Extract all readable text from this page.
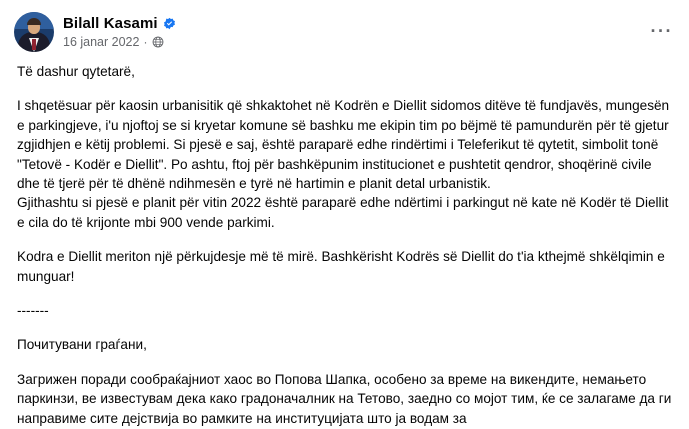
Bilall Kasami
16 janar 2022 ·
···

Të dashur qytetarë,

I shqetësuar për kaosin urbanisitik që shkaktohet në Kodrën e Diellit sidomos ditëve të fundjavës, mungesën e parkingjeve, i'u njoftoj se si kryetar komune së bashku me ekipin tim po bëjmë të pamundurën për të gjetur zgjidhjen e këtij problemi. Si pjesë e saj, është paraparë edhe rindërtimi i Teleferikut të qytetit, simbolit tonë "Tetovë - Kodër e Diellit". Po ashtu, ftoj për bashkëpunim institucionet e pushtetit qendror, shoqërinë civile dhe të tjerë për të dhënë ndihmesën e tyrë në hartimin e planit detal urbanistik.

Gjithashtu si pjesë e planit për vitin 2022 është paraparë edhe ndërtimi i parkingut në kate në Kodër të Diellit e cila do të krijonte mbi 900 vende parkimi.

Kodra e Diellit meriton një përkujdesje më të mirë. Bashkërisht Kodrës së Diellit do t'ia kthejmë shkëlqimin e munguar!

-------

Почитувани граѓани,

Загрижен поради сообраќајниот хаос во Попова Шапка, особено за време на викендите, немањето паркинзи, ве известувам дека како градоначалник на Тетово, заедно со мојот тим, ќе се залагаме да ги направиме сите дејствија во рамките на институцијата што ја водам за
